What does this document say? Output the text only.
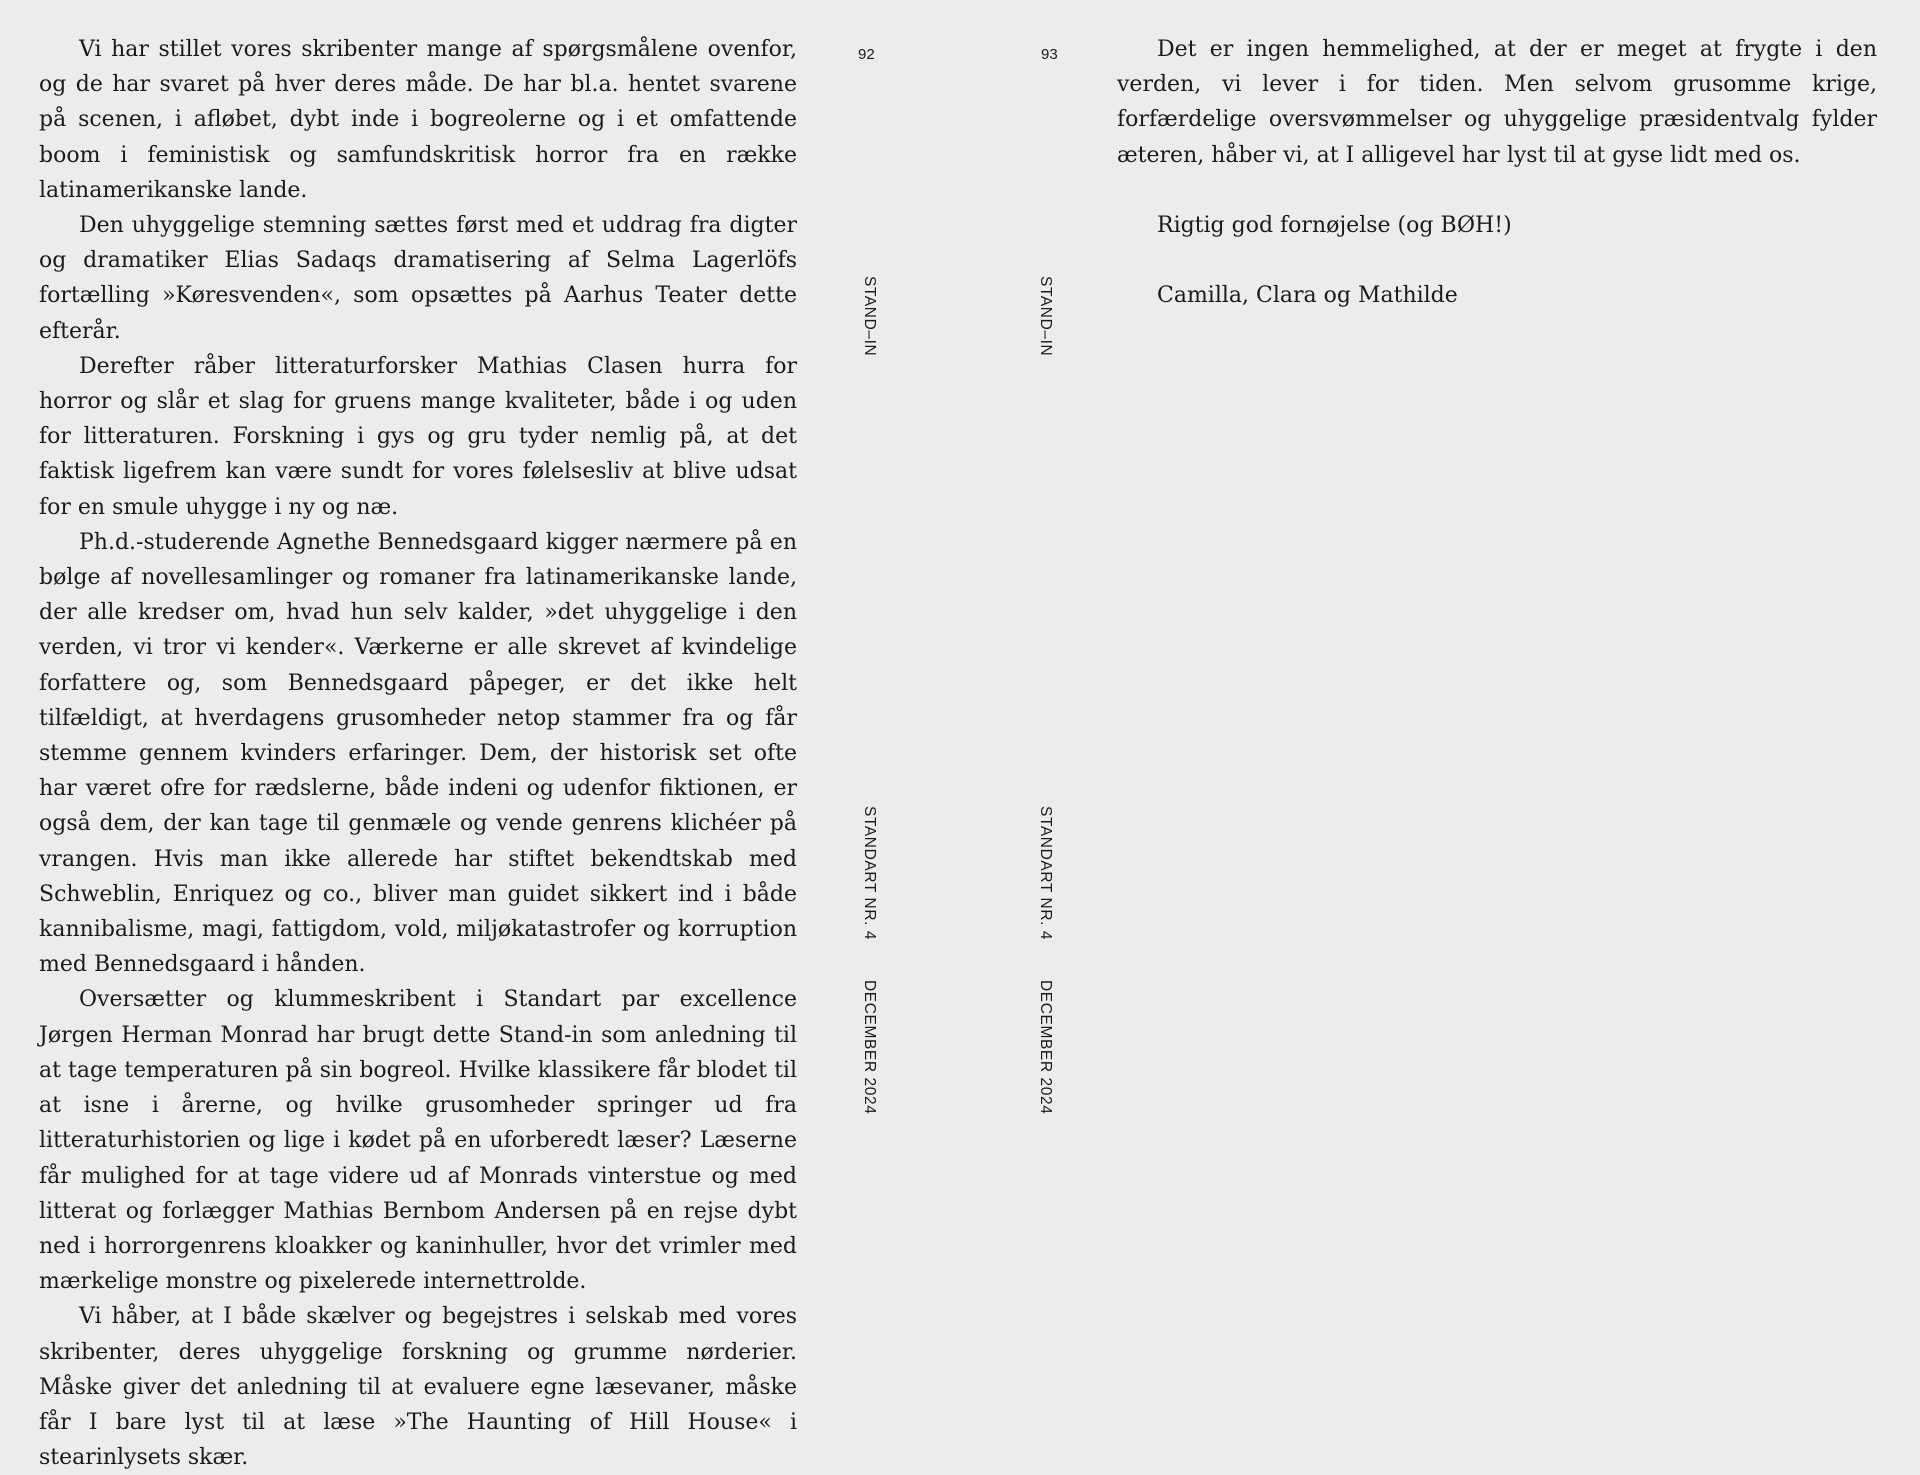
Vi har stillet vores skribenter mange af spørgsmålene ovenfor, og de har svaret på hver deres måde. De har bl.a. hentet svarene på scenen, i afløbet, dybt inde i bogreolerne og i et omfattende boom i feministisk og samfundskritisk horror fra en række latinamerikanske lande.

Den uhyggelige stemning sættes først med et uddrag fra digter og dramatiker Elias Sadaqs dramatisering af Selma Lagerlöfs fortælling »Køresvenden«, som opsættes på Aarhus Teater dette efterår.

Derefter råber litteraturforsker Mathias Clasen hurra for horror og slår et slag for gruens mange kvaliteter, både i og uden for litteraturen. Forskning i gys og gru tyder nemlig på, at det faktisk ligefrem kan være sundt for vores følelsesliv at blive udsat for en smule uhygge i ny og næ.

Ph.d.-studerende Agnethe Bennedsgaard kigger nærmere på en bølge af novellesamlinger og romaner fra latinamerikanske lande, der alle kredser om, hvad hun selv kalder, »det uhyggelige i den verden, vi tror vi kender«. Værkerne er alle skrevet af kvindelige forfattere og, som Bennedsgaard påpeger, er det ikke helt tilfældigt, at hverdagens grusomheder netop stammer fra og får stemme gennem kvinders erfaringer. Dem, der historisk set ofte har været ofre for rædslerne, både indeni og udenfor fiktionen, er også dem, der kan tage til genmæle og vende genrens klichéer på vrangen. Hvis man ikke allerede har stiftet bekendtskab med Schweblin, Enriquez og co., bliver man guidet sikkert ind i både kannibalisme, magi, fattigdom, vold, miljøkatastrofer og korruption med Bennedsgaard i hånden.

Oversætter og klummeskribent i Standart par excellence Jørgen Herman Monrad har brugt dette Stand-in som anledning til at tage temperaturen på sin bogreol. Hvilke klassikere får blodet til at isne i årerne, og hvilke grusomheder springer ud fra litteraturhistorien og lige i kødet på en uforberedt læser? Læserne får mulighed for at tage videre ud af Monrads vinterstue og med litterat og forlægger Mathias Bernbom Andersen på en rejse dybt ned i horrorgenrens kloakker og kaninhuller, hvor det vrimler med mærkelige monstre og pixelerede internettrolde.

Vi håber, at I både skælver og begejstres i selskab med vores skribenter, deres uhyggelige forskning og grumme nørderier. Måske giver det anledning til at evaluere egne læsevaner, måske får I bare lyst til at læse »The Haunting of Hill House« i stearinlysets skær.

92
STAND–IN
STANDART NR. 4
DECEMBER 2024
93
STAND–IN
STANDART NR. 4
DECEMBER 2024

Det er ingen hemmelighed, at der er meget at frygte i den verden, vi lever i for tiden. Men selvom grusomme krige, forfærdelige oversvømmelser og uhyggelige præsidentvalg fylder æteren, håber vi, at I alligevel har lyst til at gyse lidt med os.

Rigtig god fornøjelse (og BØH!)

Camilla, Clara og Mathilde
